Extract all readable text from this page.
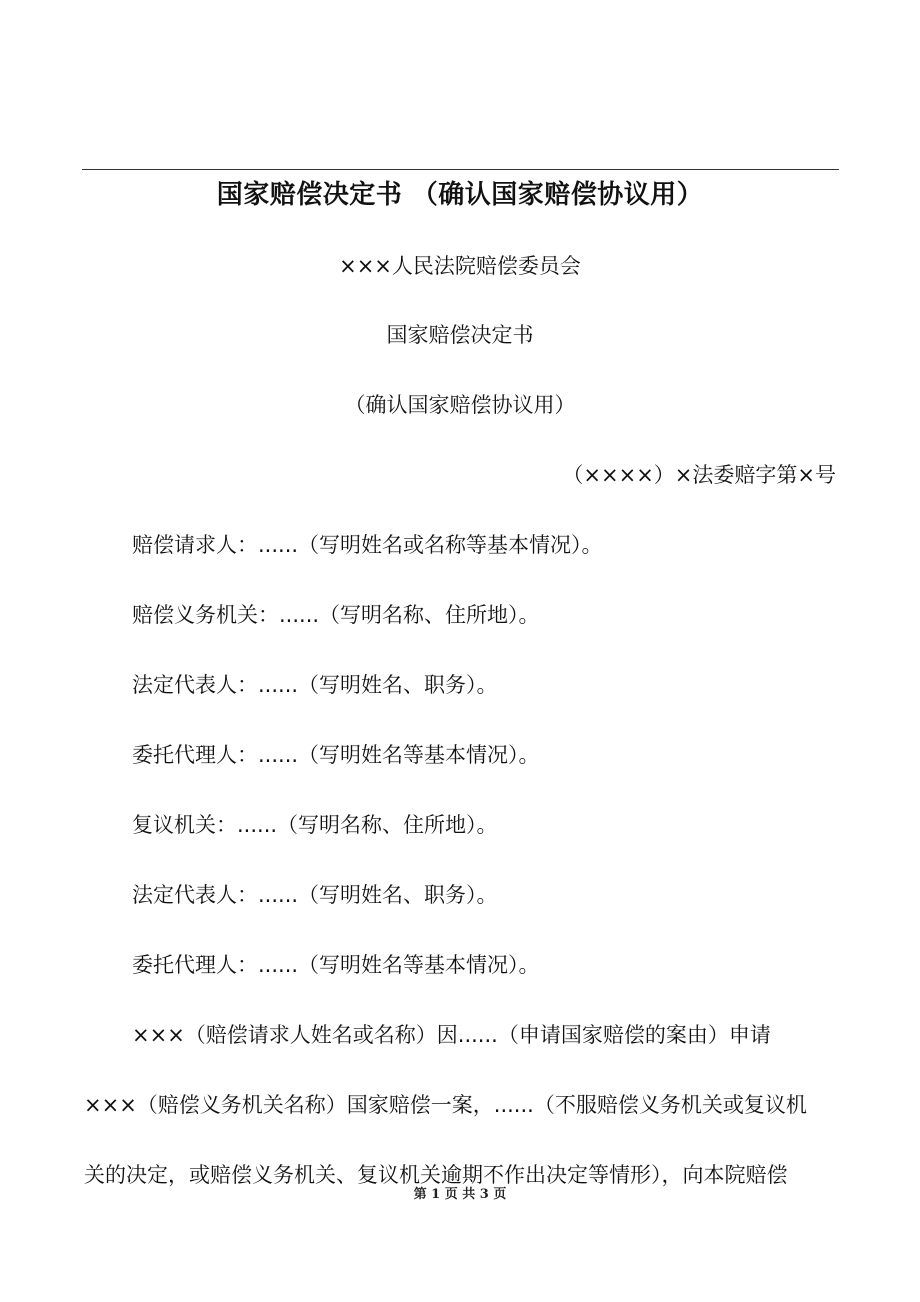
国家赔偿决定书 （确认国家赔偿协议用）
×××人民法院赔偿委员会
国家赔偿决定书
（确认国家赔偿协议用）
（××××）×法委赔字第×号
赔偿请求人：......（写明姓名或名称等基本情况）。
赔偿义务机关：......（写明名称、住所地）。
法定代表人：......（写明姓名、职务）。
委托代理人：......（写明姓名等基本情况）。
复议机关：......（写明名称、住所地）。
法定代表人：......（写明姓名、职务）。
委托代理人：......（写明姓名等基本情况）。
×××（赔偿请求人姓名或名称）因......（申请国家赔偿的案由）申请
×××（赔偿义务机关名称）国家赔偿一案，......（不服赔偿义务机关或复议机
关的决定，或赔偿义务机关、复议机关逾期不作出决定等情形），向本院赔偿
第 1 页 共 3 页
